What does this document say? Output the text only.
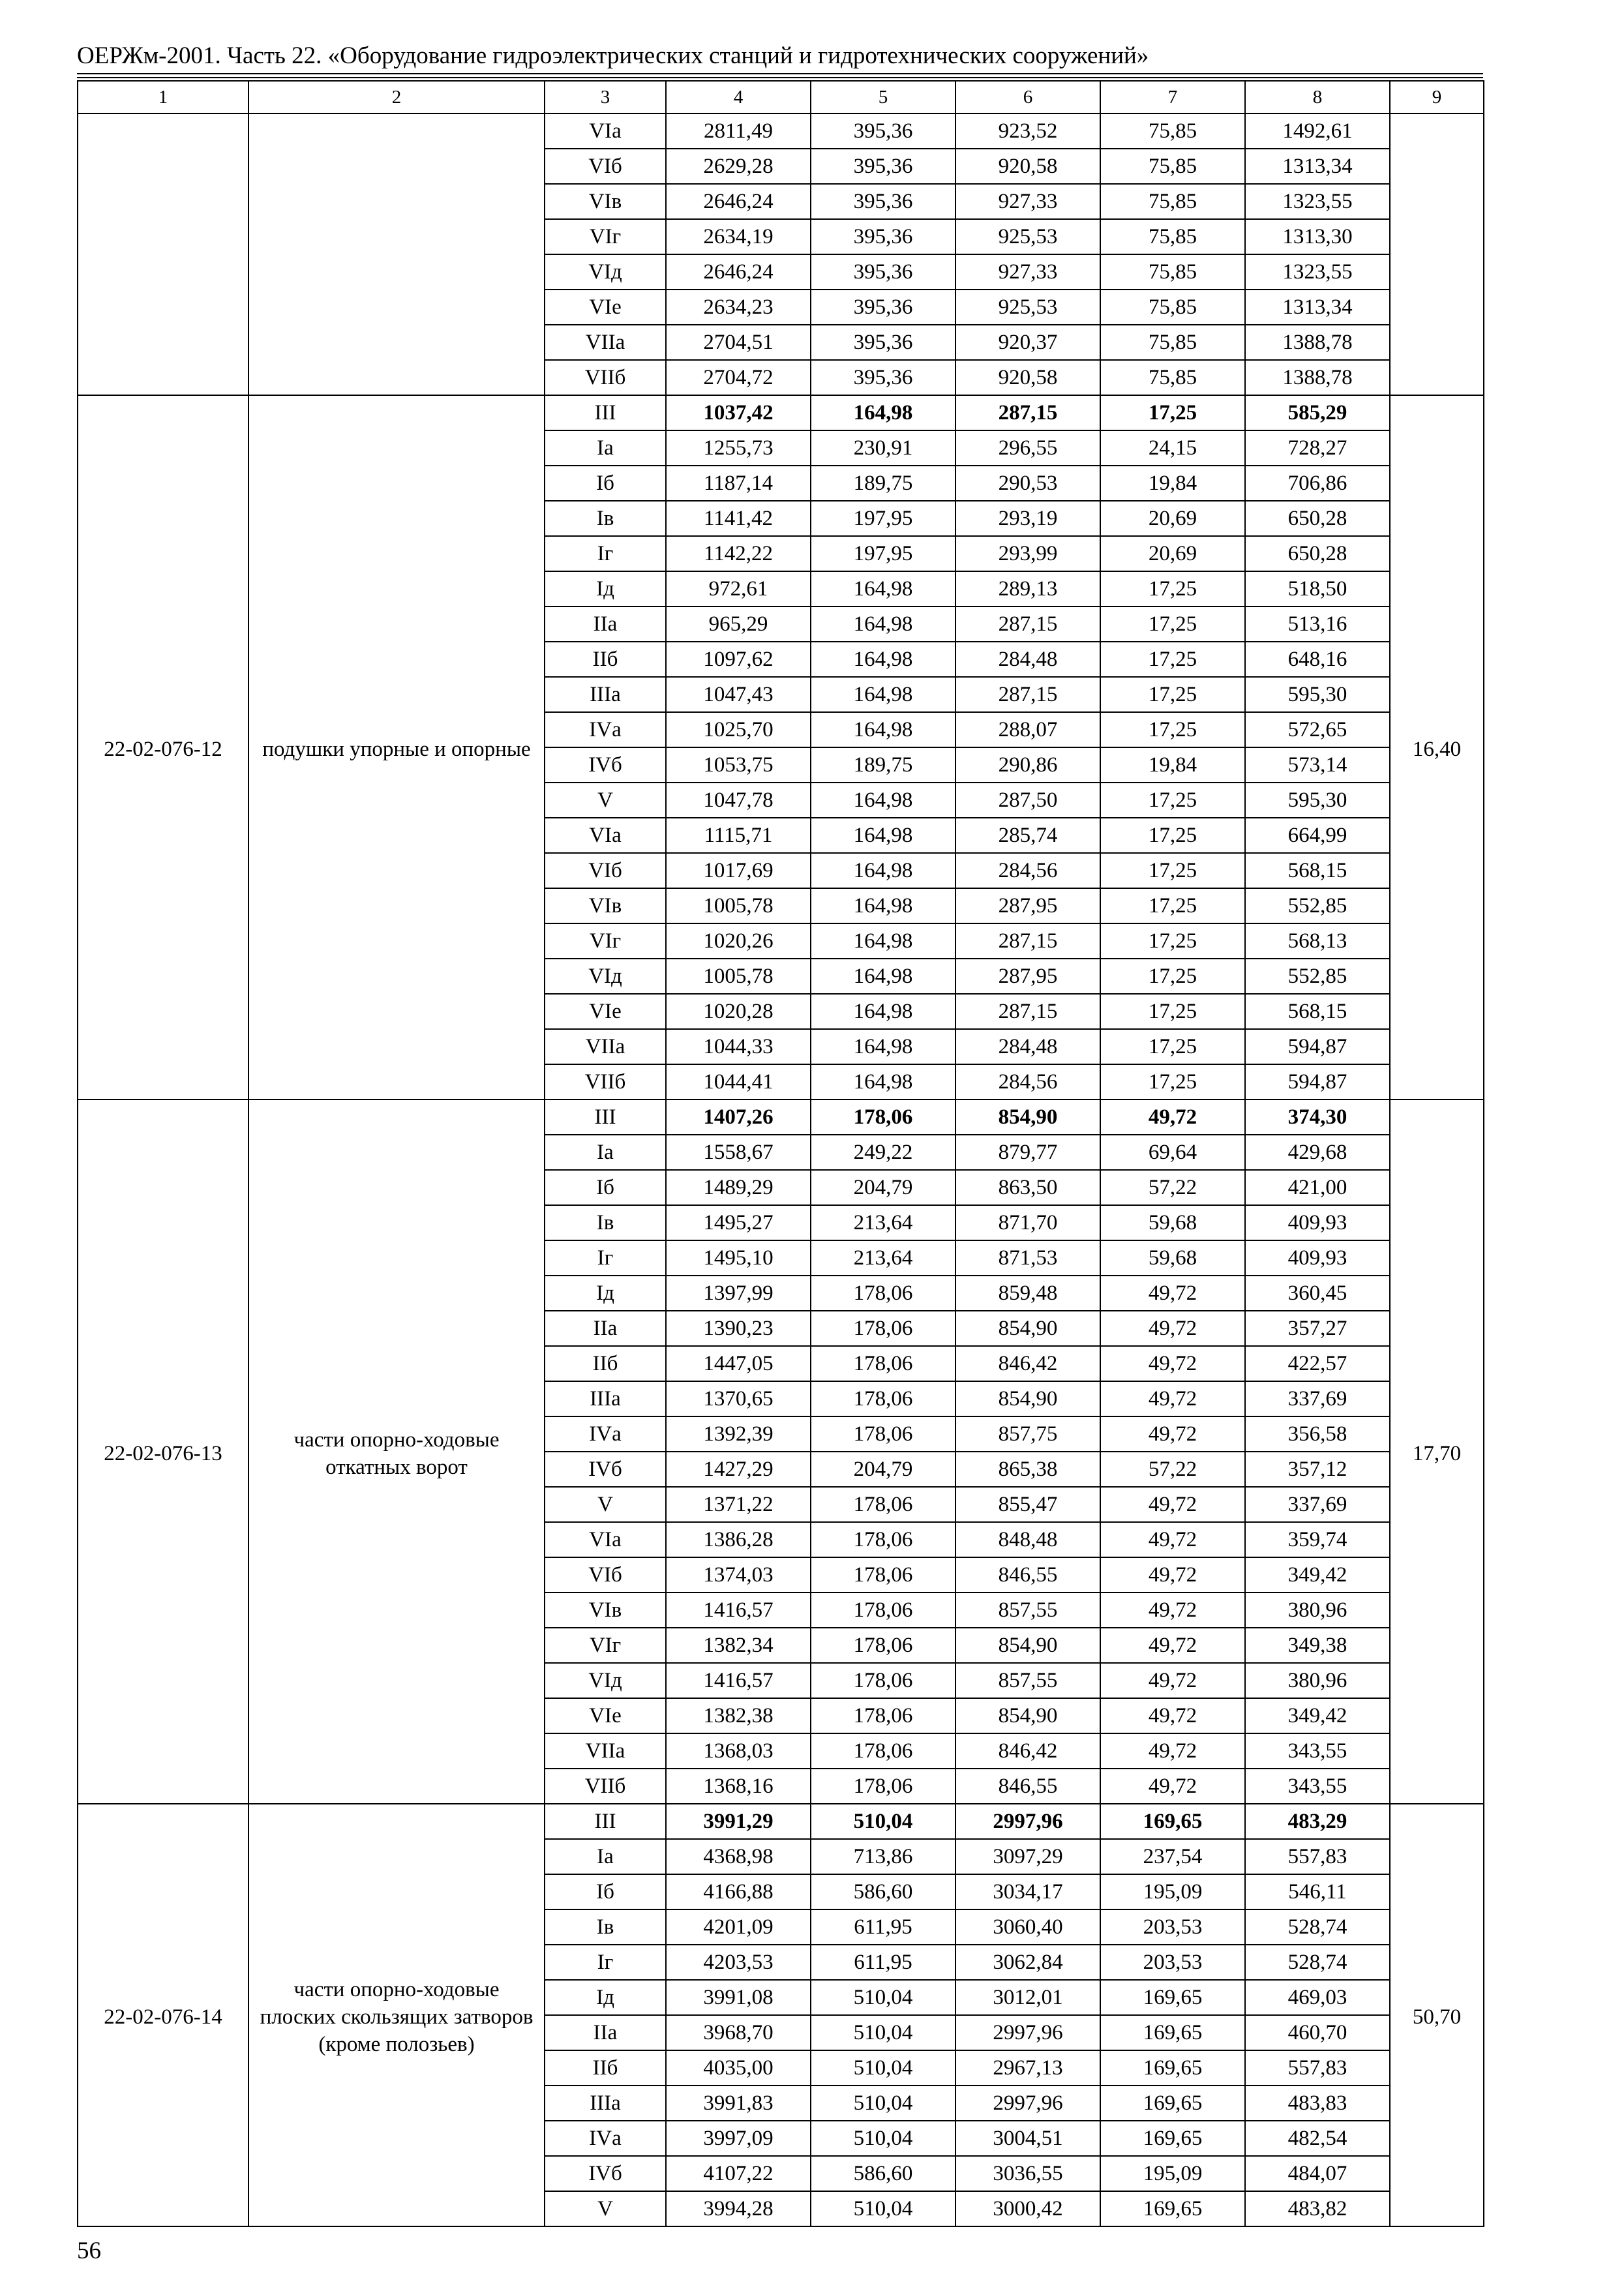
ОЕРЖм-2001. Часть 22. «Оборудование гидроэлектрических станций и гидротехнических сооружений»
1	2	3	4	5	6	7	8	9
		VIа	2811,49	395,36	923,52	75,85	1492,61	
		VIб	2629,28	395,36	920,58	75,85	1313,34	
		VIв	2646,24	395,36	927,33	75,85	1323,55	
		VIг	2634,19	395,36	925,53	75,85	1313,30	
		VIд	2646,24	395,36	927,33	75,85	1323,55	
		VIе	2634,23	395,36	925,53	75,85	1313,34	
		VIIа	2704,51	395,36	920,37	75,85	1388,78	
		VIIб	2704,72	395,36	920,58	75,85	1388,78	
22-02-076-12	подушки упорные и опорные	III	1037,42	164,98	287,15	17,25	585,29	16,40
		Iа	1255,73	230,91	296,55	24,15	728,27	
		Iб	1187,14	189,75	290,53	19,84	706,86	
		Iв	1141,42	197,95	293,19	20,69	650,28	
		Iг	1142,22	197,95	293,99	20,69	650,28	
		Iд	972,61	164,98	289,13	17,25	518,50	
		IIа	965,29	164,98	287,15	17,25	513,16	
		IIб	1097,62	164,98	284,48	17,25	648,16	
		IIIа	1047,43	164,98	287,15	17,25	595,30	
		IVа	1025,70	164,98	288,07	17,25	572,65	
		IVб	1053,75	189,75	290,86	19,84	573,14	
		V	1047,78	164,98	287,50	17,25	595,30	
		VIа	1115,71	164,98	285,74	17,25	664,99	
		VIб	1017,69	164,98	284,56	17,25	568,15	
		VIв	1005,78	164,98	287,95	17,25	552,85	
		VIг	1020,26	164,98	287,15	17,25	568,13	
		VIд	1005,78	164,98	287,95	17,25	552,85	
		VIе	1020,28	164,98	287,15	17,25	568,15	
		VIIа	1044,33	164,98	284,48	17,25	594,87	
		VIIб	1044,41	164,98	284,56	17,25	594,87	
22-02-076-13	части опорно-ходовые откатных ворот	III	1407,26	178,06	854,90	49,72	374,30	17,70
		Iа	1558,67	249,22	879,77	69,64	429,68	
		Iб	1489,29	204,79	863,50	57,22	421,00	
		Iв	1495,27	213,64	871,70	59,68	409,93	
		Iг	1495,10	213,64	871,53	59,68	409,93	
		Iд	1397,99	178,06	859,48	49,72	360,45	
		IIа	1390,23	178,06	854,90	49,72	357,27	
		IIб	1447,05	178,06	846,42	49,72	422,57	
		IIIа	1370,65	178,06	854,90	49,72	337,69	
		IVа	1392,39	178,06	857,75	49,72	356,58	
		IVб	1427,29	204,79	865,38	57,22	357,12	
		V	1371,22	178,06	855,47	49,72	337,69	
		VIа	1386,28	178,06	848,48	49,72	359,74	
		VIб	1374,03	178,06	846,55	49,72	349,42	
		VIв	1416,57	178,06	857,55	49,72	380,96	
		VIг	1382,34	178,06	854,90	49,72	349,38	
		VIд	1416,57	178,06	857,55	49,72	380,96	
		VIе	1382,38	178,06	854,90	49,72	349,42	
		VIIа	1368,03	178,06	846,42	49,72	343,55	
		VIIб	1368,16	178,06	846,55	49,72	343,55	
22-02-076-14	части опорно-ходовые плоских скользящих затворов (кроме полозьев)	III	3991,29	510,04	2997,96	169,65	483,29	50,70
		Iа	4368,98	713,86	3097,29	237,54	557,83	
		Iб	4166,88	586,60	3034,17	195,09	546,11	
		Iв	4201,09	611,95	3060,40	203,53	528,74	
		Iг	4203,53	611,95	3062,84	203,53	528,74	
		Iд	3991,08	510,04	3012,01	169,65	469,03	
		IIа	3968,70	510,04	2997,96	169,65	460,70	
		IIб	4035,00	510,04	2967,13	169,65	557,83	
		IIIа	3991,83	510,04	2997,96	169,65	483,83	
		IVа	3997,09	510,04	3004,51	169,65	482,54	
		IVб	4107,22	586,60	3036,55	195,09	484,07	
		V	3994,28	510,04	3000,42	169,65	483,82	
56
